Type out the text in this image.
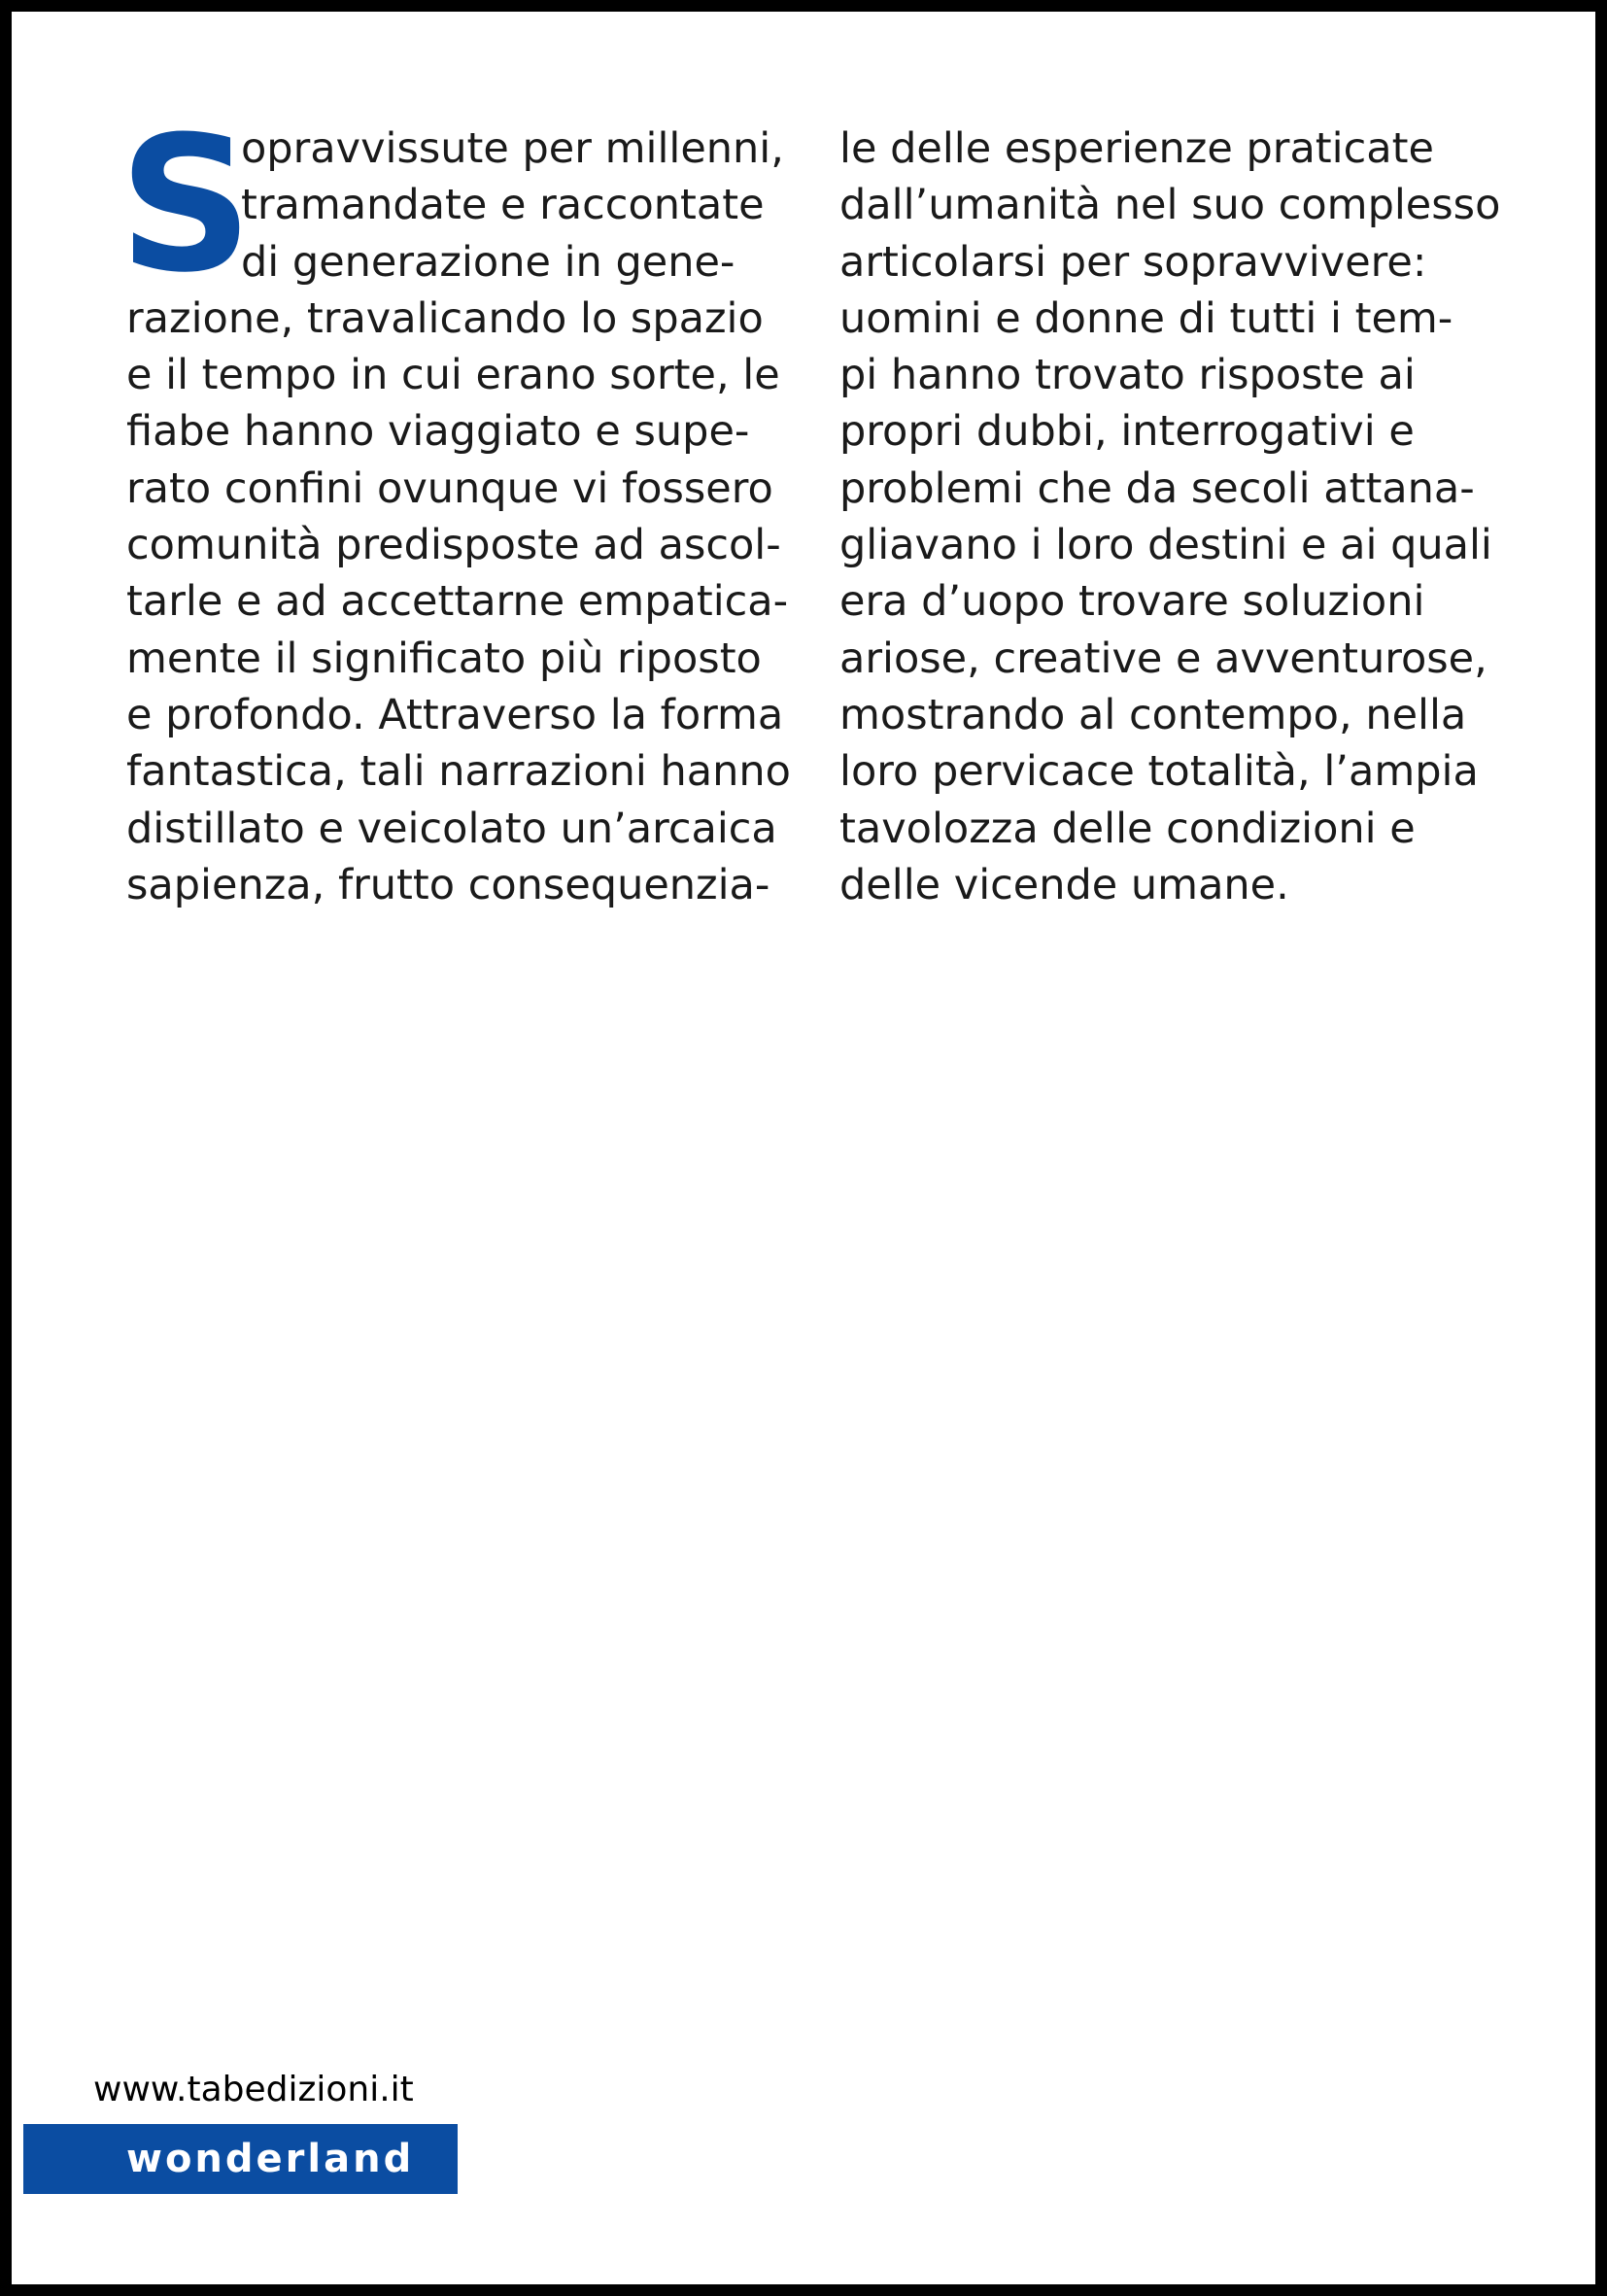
S
opravvissute per millenni,
tramandate e raccontate
di generazione in gene-
razione, travalicando lo spazio
e il tempo in cui erano sorte, le
fiabe hanno viaggiato e supe-
rato confini ovunque vi fossero
comunità predisposte ad ascol-
tarle e ad accettarne empatica-
mente il significato più riposto
e profondo. Attraverso la forma
fantastica, tali narrazioni hanno
distillato e veicolato un’arcaica
sapienza, frutto consequenzia-
le delle esperienze praticate
dall’umanità nel suo complesso
articolarsi per sopravvivere:
uomini e donne di tutti i tem-
pi hanno trovato risposte ai
propri dubbi, interrogativi e
problemi che da secoli attana-
gliavano i loro destini e ai quali
era d’uopo trovare soluzioni
ariose, creative e avventurose,
mostrando al contempo, nella
loro pervicace totalità, l’ampia
tavolozza delle condizioni e
delle vicende umane.
www.tabedizioni.it
wonderland
